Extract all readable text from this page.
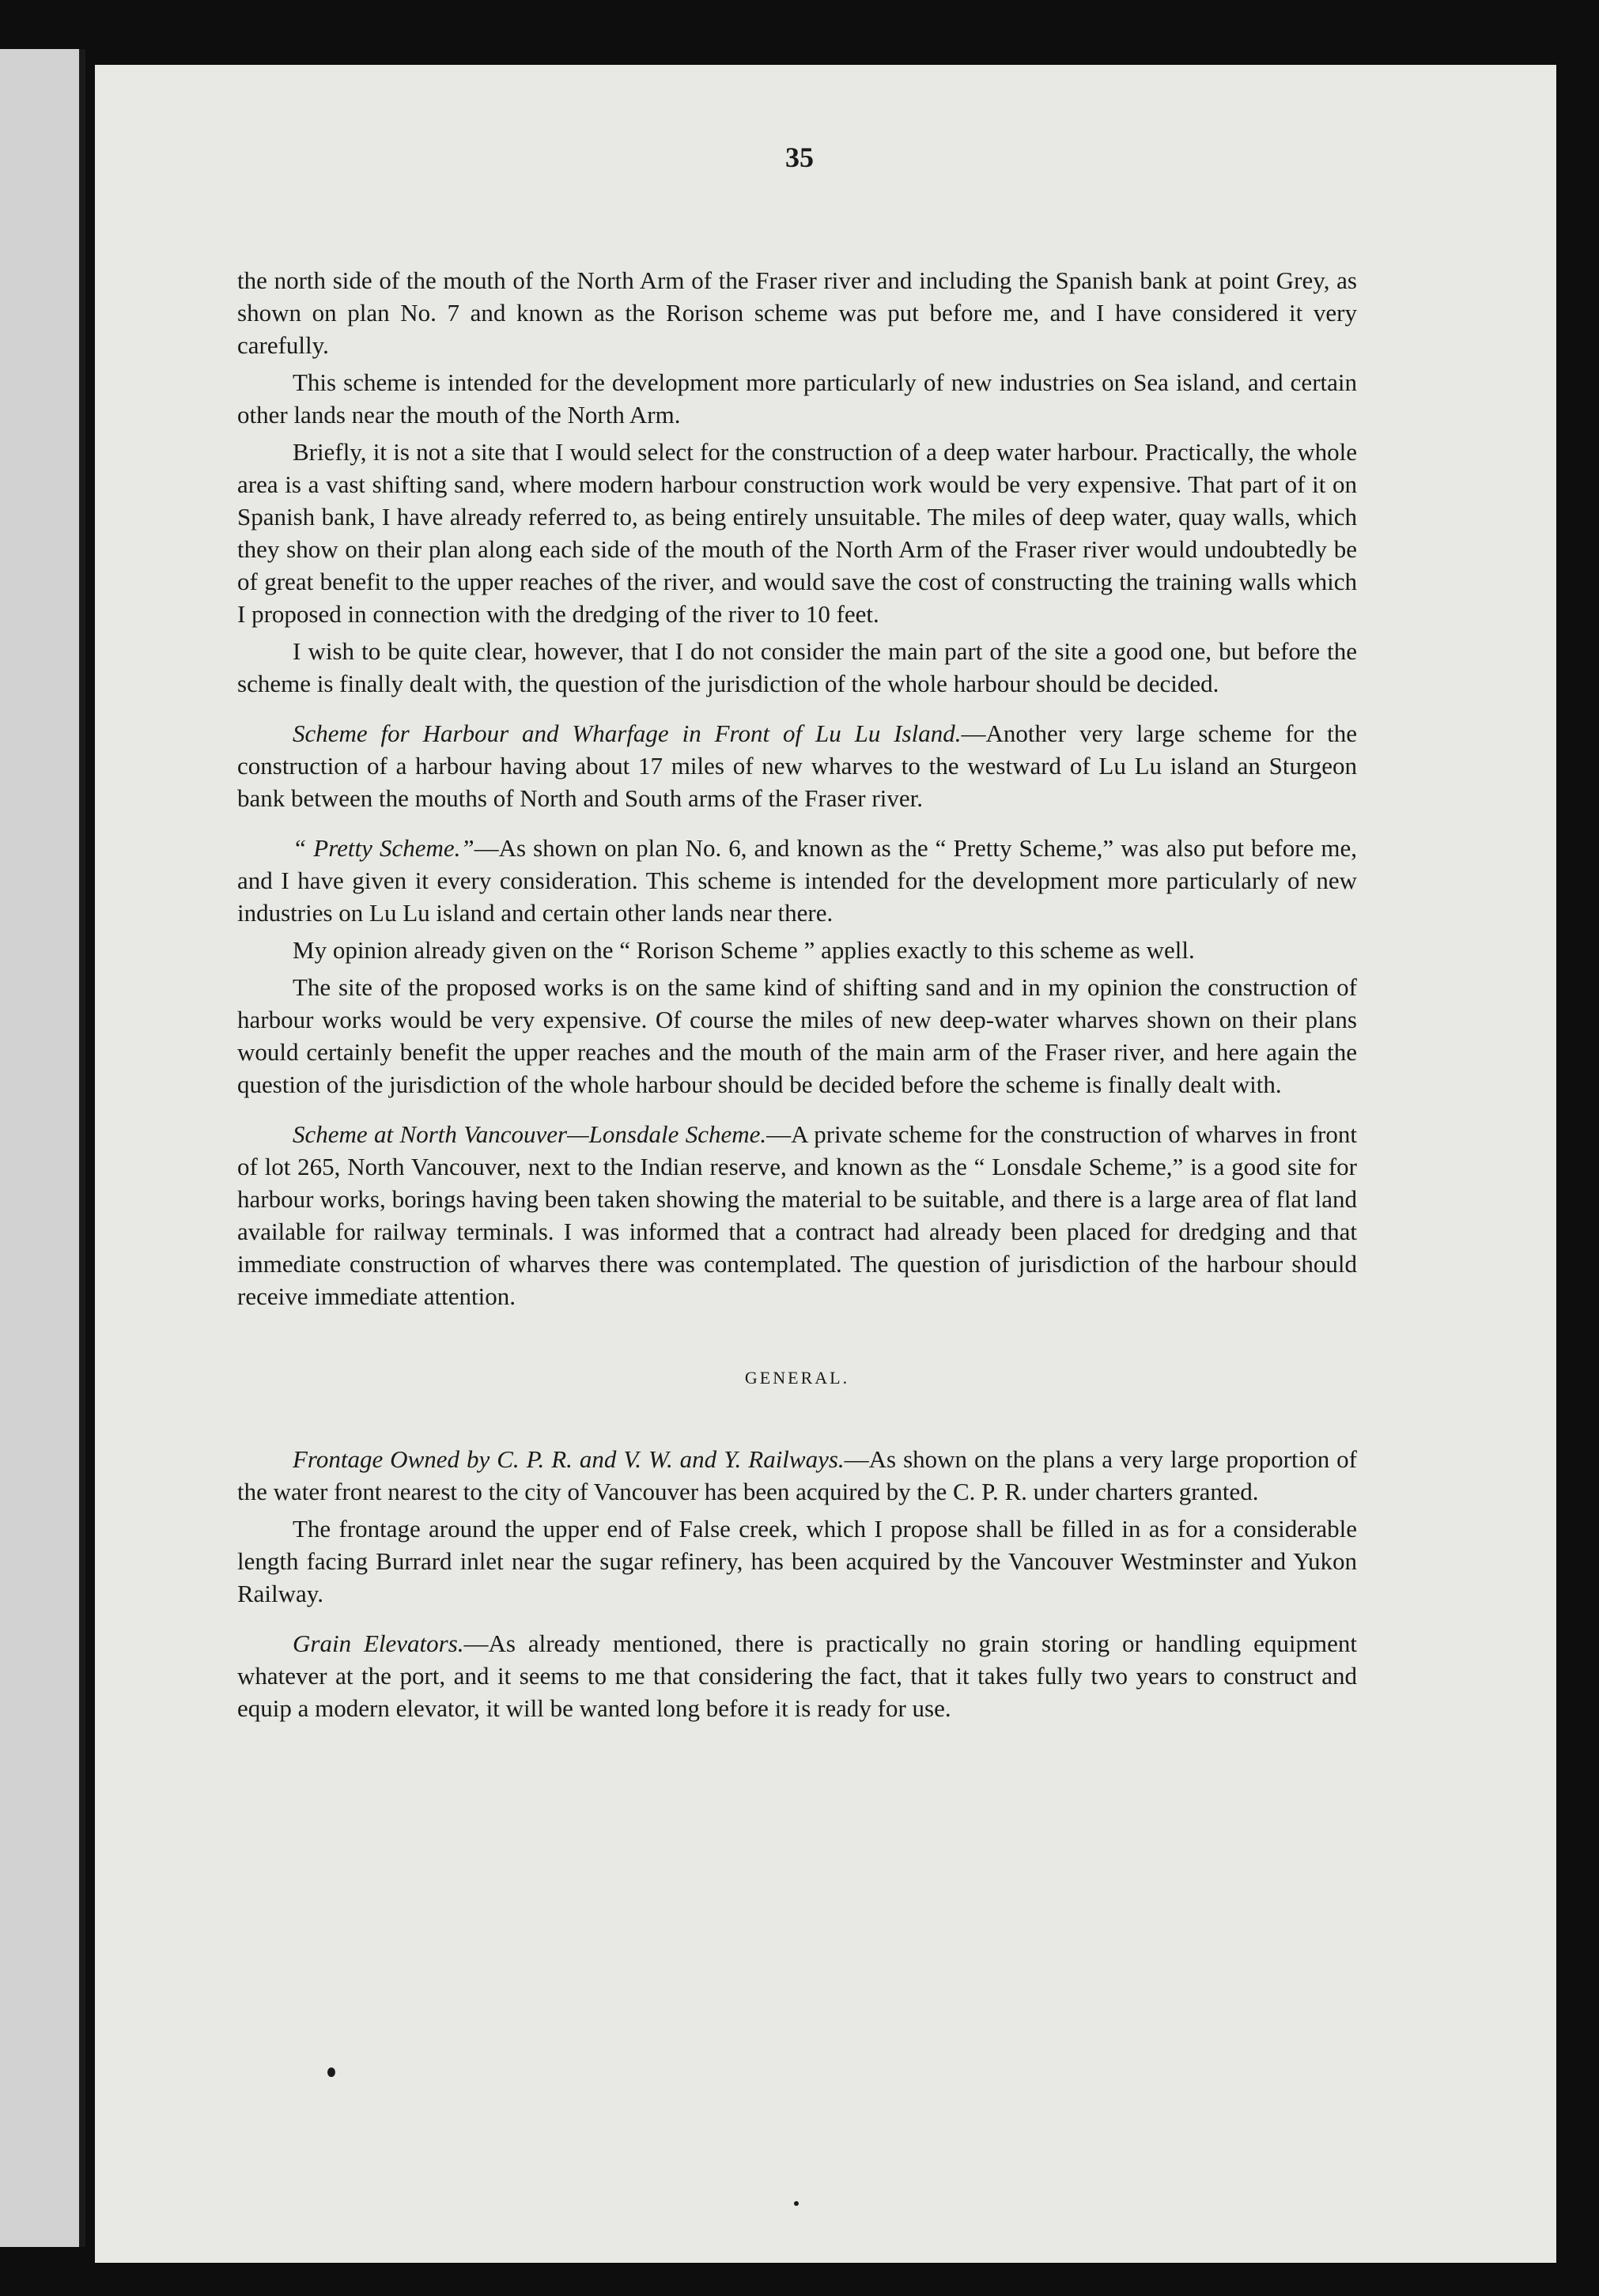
35

the north side of the mouth of the North Arm of the Fraser river and including the Spanish bank at point Grey, as shown on plan No. 7 and known as the Rorison scheme was put before me, and I have considered it very carefully.

This scheme is intended for the development more particularly of new industries on Sea island, and certain other lands near the mouth of the North Arm.

Briefly, it is not a site that I would select for the construction of a deep water harbour. Practically, the whole area is a vast shifting sand, where modern harbour construction work would be very expensive. That part of it on Spanish bank, I have already referred to, as being entirely unsuitable. The miles of deep water, quay walls, which they show on their plan along each side of the mouth of the North Arm of the Fraser river would undoubtedly be of great benefit to the upper reaches of the river, and would save the cost of constructing the training walls which I proposed in connection with the dredging of the river to 10 feet.

I wish to be quite clear, however, that I do not consider the main part of the site a good one, but before the scheme is finally dealt with, the question of the jurisdiction of the whole harbour should be decided.

Scheme for Harbour and Wharfage in Front of Lu Lu Island.—Another very large scheme for the construction of a harbour having about 17 miles of new wharves to the westward of Lu Lu island an Sturgeon bank between the mouths of North and South arms of the Fraser river.

“ Pretty Scheme.”—As shown on plan No. 6, and known as the “ Pretty Scheme,” was also put before me, and I have given it every consideration. This scheme is intended for the development more particularly of new industries on Lu Lu island and certain other lands near there.

My opinion already given on the “ Rorison Scheme ” applies exactly to this scheme as well.

The site of the proposed works is on the same kind of shifting sand and in my opinion the construction of harbour works would be very expensive. Of course the miles of new deep-water wharves shown on their plans would certainly benefit the upper reaches and the mouth of the main arm of the Fraser river, and here again the question of the jurisdiction of the whole harbour should be decided before the scheme is finally dealt with.

Scheme at North Vancouver—Lonsdale Scheme.—A private scheme for the construction of wharves in front of lot 265, North Vancouver, next to the Indian reserve, and known as the “ Lonsdale Scheme,” is a good site for harbour works, borings having been taken showing the material to be suitable, and there is a large area of flat land available for railway terminals. I was informed that a contract had already been placed for dredging and that immediate construction of wharves there was contemplated. The question of jurisdiction of the harbour should receive immediate attention.

GENERAL.

Frontage Owned by C. P. R. and V. W. and Y. Railways.—As shown on the plans a very large proportion of the water front nearest to the city of Vancouver has been acquired by the C. P. R. under charters granted.

The frontage around the upper end of False creek, which I propose shall be filled in as for a considerable length facing Burrard inlet near the sugar refinery, has been acquired by the Vancouver Westminster and Yukon Railway.

Grain Elevators.—As already mentioned, there is practically no grain storing or handling equipment whatever at the port, and it seems to me that considering the fact, that it takes fully two years to construct and equip a modern elevator, it will be wanted long before it is ready for use.
